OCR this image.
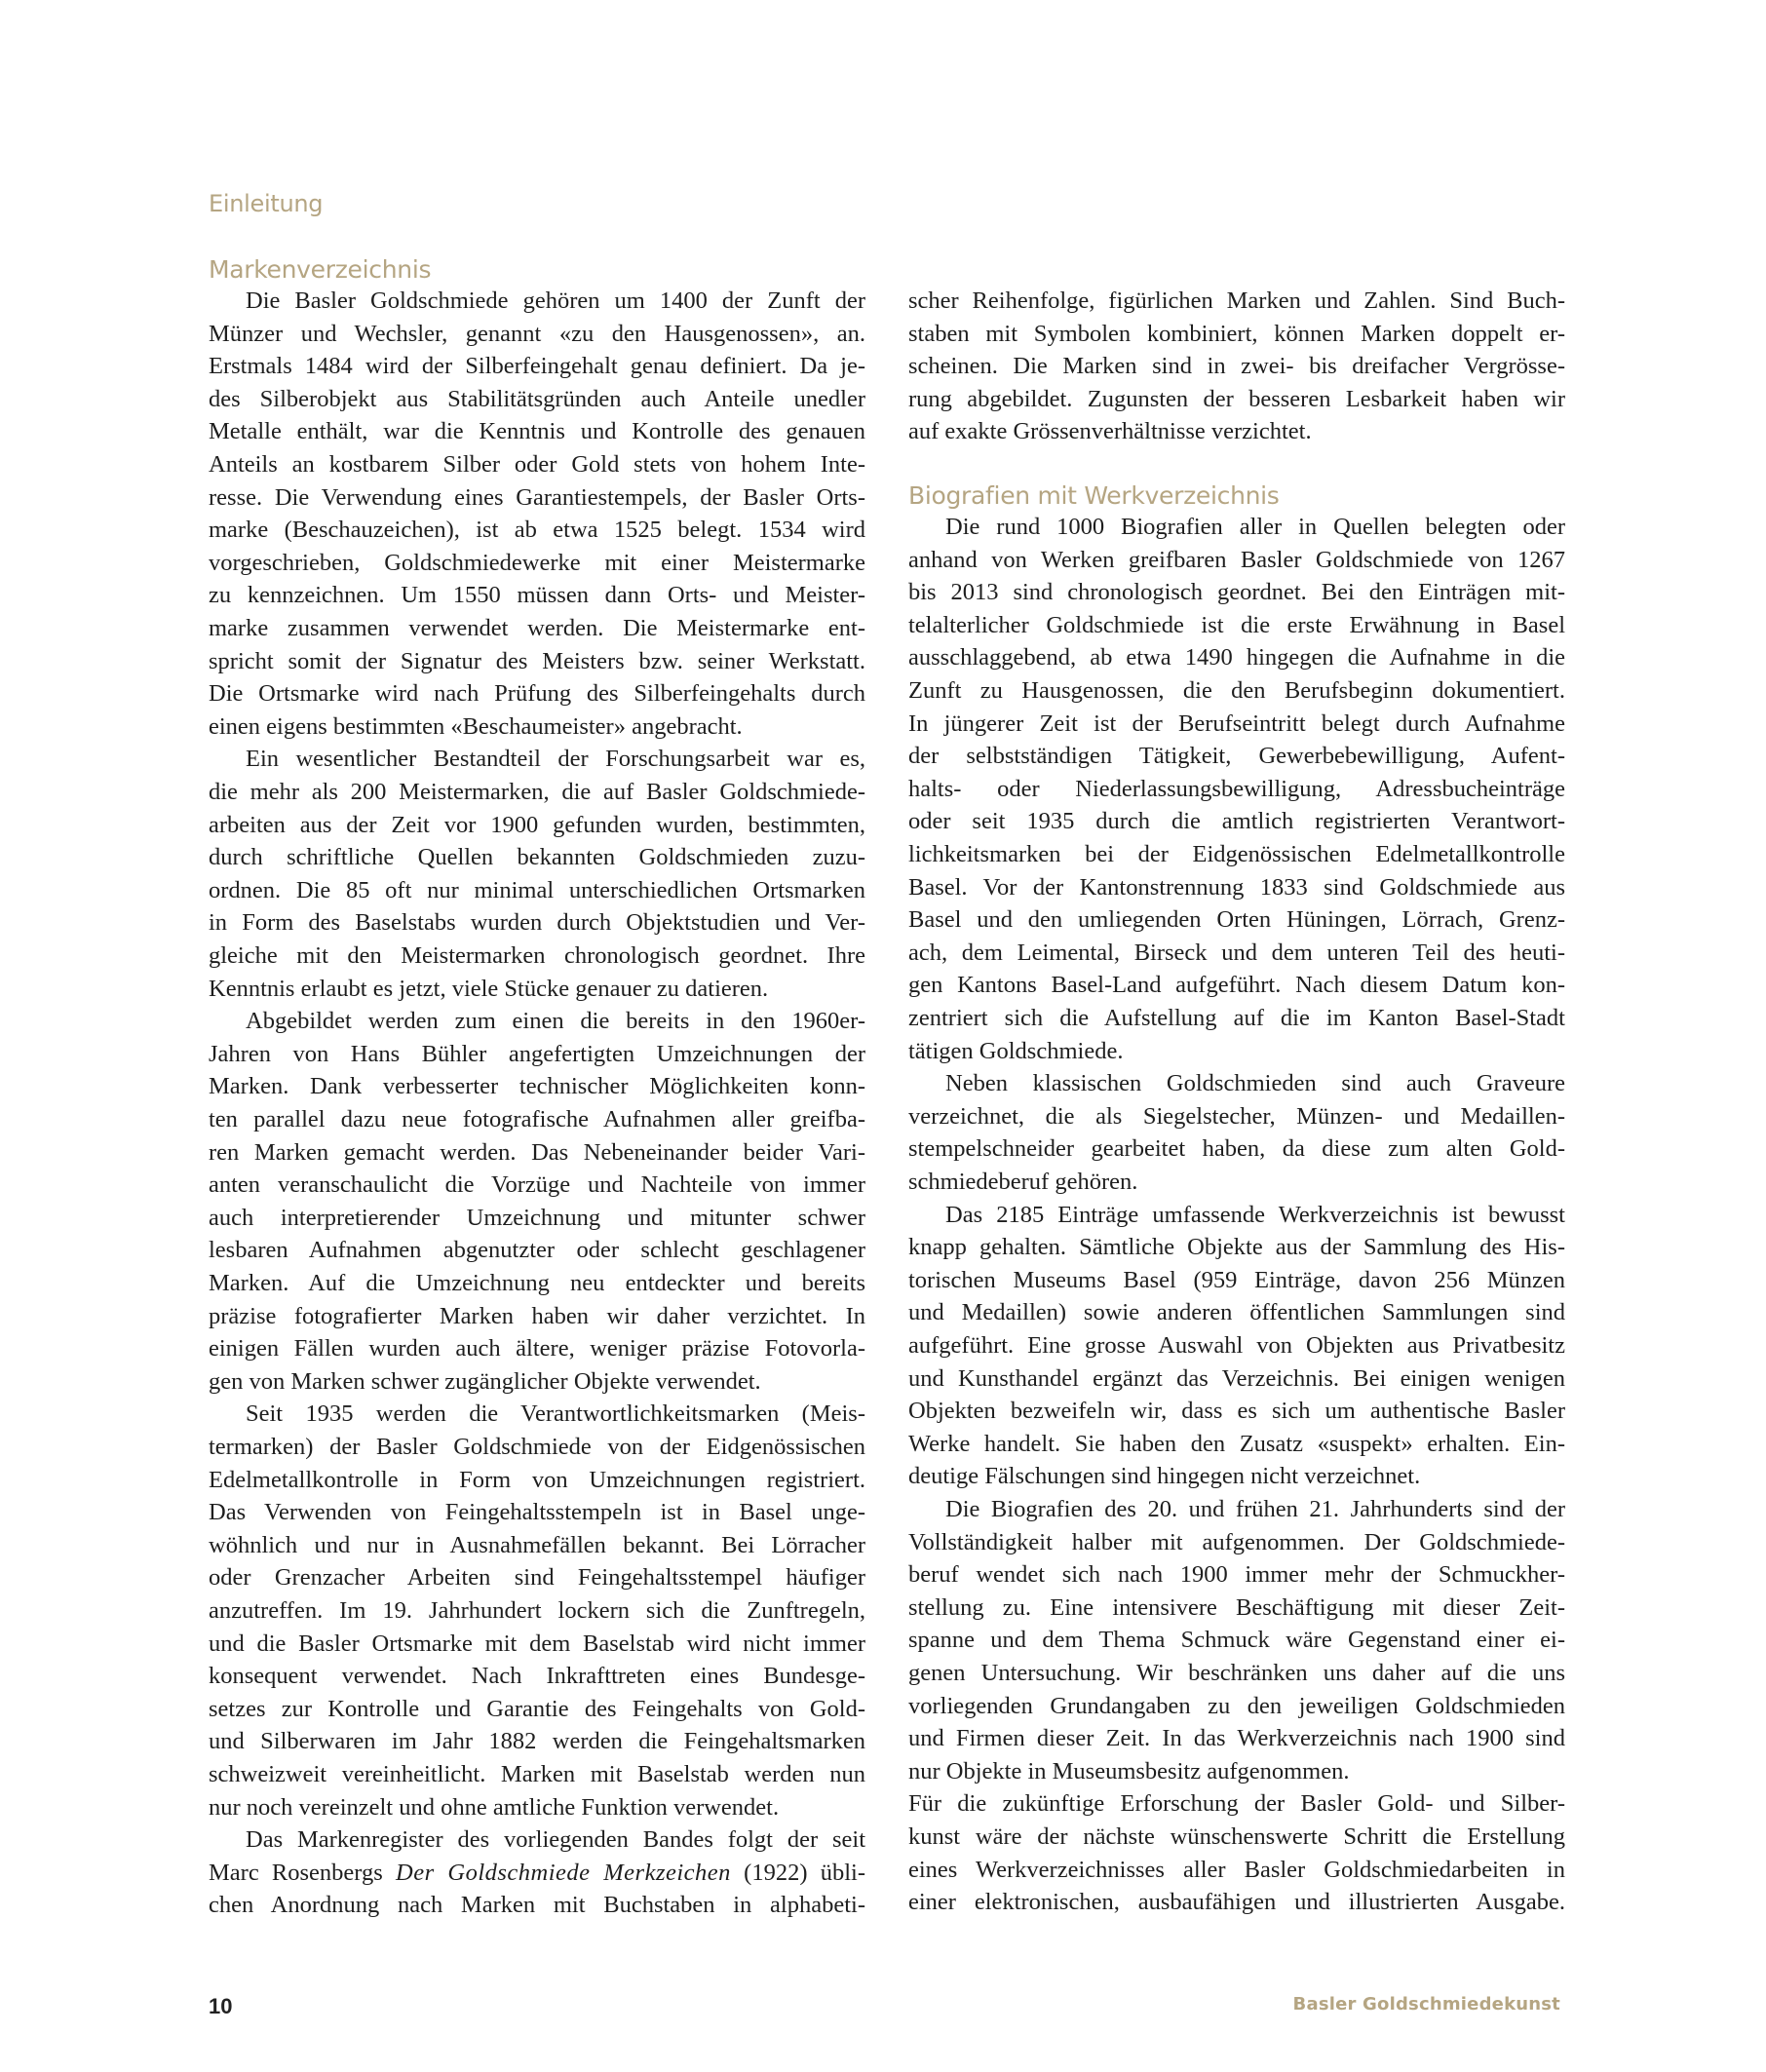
Einleitung
Markenverzeichnis
Die Basler Goldschmiede gehören um 1400 der Zunft der
Münzer und Wechsler, genannt «zu den Hausgenossen», an.
Erstmals 1484 wird der Silberfeingehalt genau definiert. Da je-
des Silberobjekt aus Stabilitätsgründen auch Anteile unedler
Metalle enthält, war die Kenntnis und Kontrolle des genauen
Anteils an kostbarem Silber oder Gold stets von hohem Inte-
resse. Die Verwendung eines Garantiestempels, der Basler Orts-
marke (Beschauzeichen), ist ab etwa 1525 belegt. 1534 wird
vorgeschrieben, Goldschmiedewerke mit einer Meistermarke
zu kennzeichnen. Um 1550 müssen dann Orts- und Meister-
marke zusammen verwendet werden. Die Meistermarke ent-
spricht somit der Signatur des Meisters bzw. seiner Werkstatt.
Die Ortsmarke wird nach Prüfung des Silberfeingehalts durch
einen eigens bestimmten «Beschaumeister» angebracht.
Ein wesentlicher Bestandteil der Forschungsarbeit war es,
die mehr als 200 Meistermarken, die auf Basler Goldschmiede-
arbeiten aus der Zeit vor 1900 gefunden wurden, bestimmten,
durch schriftliche Quellen bekannten Goldschmieden zuzu-
ordnen. Die 85 oft nur minimal unterschiedlichen Ortsmarken
in Form des Baselstabs wurden durch Objektstudien und Ver-
gleiche mit den Meistermarken chronologisch geordnet. Ihre
Kenntnis erlaubt es jetzt, viele Stücke genauer zu datieren.
Abgebildet werden zum einen die bereits in den 1960er-
Jahren von Hans Bühler angefertigten Umzeichnungen der
Marken. Dank verbesserter technischer Möglichkeiten konn-
ten parallel dazu neue fotografische Aufnahmen aller greifba-
ren Marken gemacht werden. Das Nebeneinander beider Vari-
anten veranschaulicht die Vorzüge und Nachteile von immer
auch interpretierender Umzeichnung und mitunter schwer
lesbaren Aufnahmen abgenutzter oder schlecht geschlagener
Marken. Auf die Umzeichnung neu entdeckter und bereits
präzise fotografierter Marken haben wir daher verzichtet. In
einigen Fällen wurden auch ältere, weniger präzise Fotovorla-
gen von Marken schwer zugänglicher Objekte verwendet.
Seit 1935 werden die Verantwortlichkeitsmarken (Meis-
termarken) der Basler Goldschmiede von der Eidgenössischen
Edelmetallkontrolle in Form von Umzeichnungen registriert.
Das Verwenden von Feingehaltsstempeln ist in Basel unge-
wöhnlich und nur in Ausnahmefällen bekannt. Bei Lörracher
oder Grenzacher Arbeiten sind Feingehaltsstempel häufiger
anzutreffen. Im 19. Jahrhundert lockern sich die Zunftregeln,
und die Basler Ortsmarke mit dem Baselstab wird nicht immer
konsequent verwendet. Nach Inkrafttreten eines Bundesge-
setzes zur Kontrolle und Garantie des Feingehalts von Gold-
und Silberwaren im Jahr 1882 werden die Feingehaltsmarken
schweizweit vereinheitlicht. Marken mit Baselstab werden nun
nur noch vereinzelt und ohne amtliche Funktion verwendet.
Das Markenregister des vorliegenden Bandes folgt der seit
Marc Rosenbergs Der Goldschmiede Merkzeichen (1922) übli-
chen Anordnung nach Marken mit Buchstaben in alphabeti-
scher Reihenfolge, figürlichen Marken und Zahlen. Sind Buch-
staben mit Symbolen kombiniert, können Marken doppelt er-
scheinen. Die Marken sind in zwei- bis dreifacher Vergrösse-
rung abgebildet. Zugunsten der besseren Lesbarkeit haben wir
auf exakte Grössenverhältnisse verzichtet.
Biografien mit Werkverzeichnis
Die rund 1000 Biografien aller in Quellen belegten oder
anhand von Werken greifbaren Basler Goldschmiede von 1267
bis 2013 sind chronologisch geordnet. Bei den Einträgen mit-
telalterlicher Goldschmiede ist die erste Erwähnung in Basel
ausschlaggebend, ab etwa 1490 hingegen die Aufnahme in die
Zunft zu Hausgenossen, die den Berufsbeginn dokumentiert.
In jüngerer Zeit ist der Berufseintritt belegt durch Aufnahme
der selbstständigen Tätigkeit, Gewerbebewilligung, Aufent-
halts- oder Niederlassungsbewilligung, Adressbucheinträge
oder seit 1935 durch die amtlich registrierten Verantwort-
lichkeitsmarken bei der Eidgenössischen Edelmetallkontrolle
Basel. Vor der Kantonstrennung 1833 sind Goldschmiede aus
Basel und den umliegenden Orten Hüningen, Lörrach, Grenz-
ach, dem Leimental, Birseck und dem unteren Teil des heuti-
gen Kantons Basel-Land aufgeführt. Nach diesem Datum kon-
zentriert sich die Aufstellung auf die im Kanton Basel-Stadt
tätigen Goldschmiede.
Neben klassischen Goldschmieden sind auch Graveure
verzeichnet, die als Siegelstecher, Münzen- und Medaillen-
stempelschneider gearbeitet haben, da diese zum alten Gold-
schmiedeberuf gehören.
Das 2185 Einträge umfassende Werkverzeichnis ist bewusst
knapp gehalten. Sämtliche Objekte aus der Sammlung des His-
torischen Museums Basel (959 Einträge, davon 256 Münzen
und Medaillen) sowie anderen öffentlichen Sammlungen sind
aufgeführt. Eine grosse Auswahl von Objekten aus Privatbesitz
und Kunsthandel ergänzt das Verzeichnis. Bei einigen wenigen
Objekten bezweifeln wir, dass es sich um authentische Basler
Werke handelt. Sie haben den Zusatz «suspekt» erhalten. Ein-
deutige Fälschungen sind hingegen nicht verzeichnet.
Die Biografien des 20. und frühen 21. Jahrhunderts sind der
Vollständigkeit halber mit aufgenommen. Der Goldschmiede-
beruf wendet sich nach 1900 immer mehr der Schmuckher-
stellung zu. Eine intensivere Beschäftigung mit dieser Zeit-
spanne und dem Thema Schmuck wäre Gegenstand einer ei-
genen Untersuchung. Wir beschränken uns daher auf die uns
vorliegenden Grundangaben zu den jeweiligen Goldschmieden
und Firmen dieser Zeit. In das Werkverzeichnis nach 1900 sind
nur Objekte in Museumsbesitz aufgenommen.
Für die zukünftige Erforschung der Basler Gold- und Silber-
kunst wäre der nächste wünschenswerte Schritt die Erstellung
eines Werkverzeichnisses aller Basler Goldschmiedarbeiten in
einer elektronischen, ausbaufähigen und illustrierten Ausgabe.
10	Basler Goldschmiedekunst
